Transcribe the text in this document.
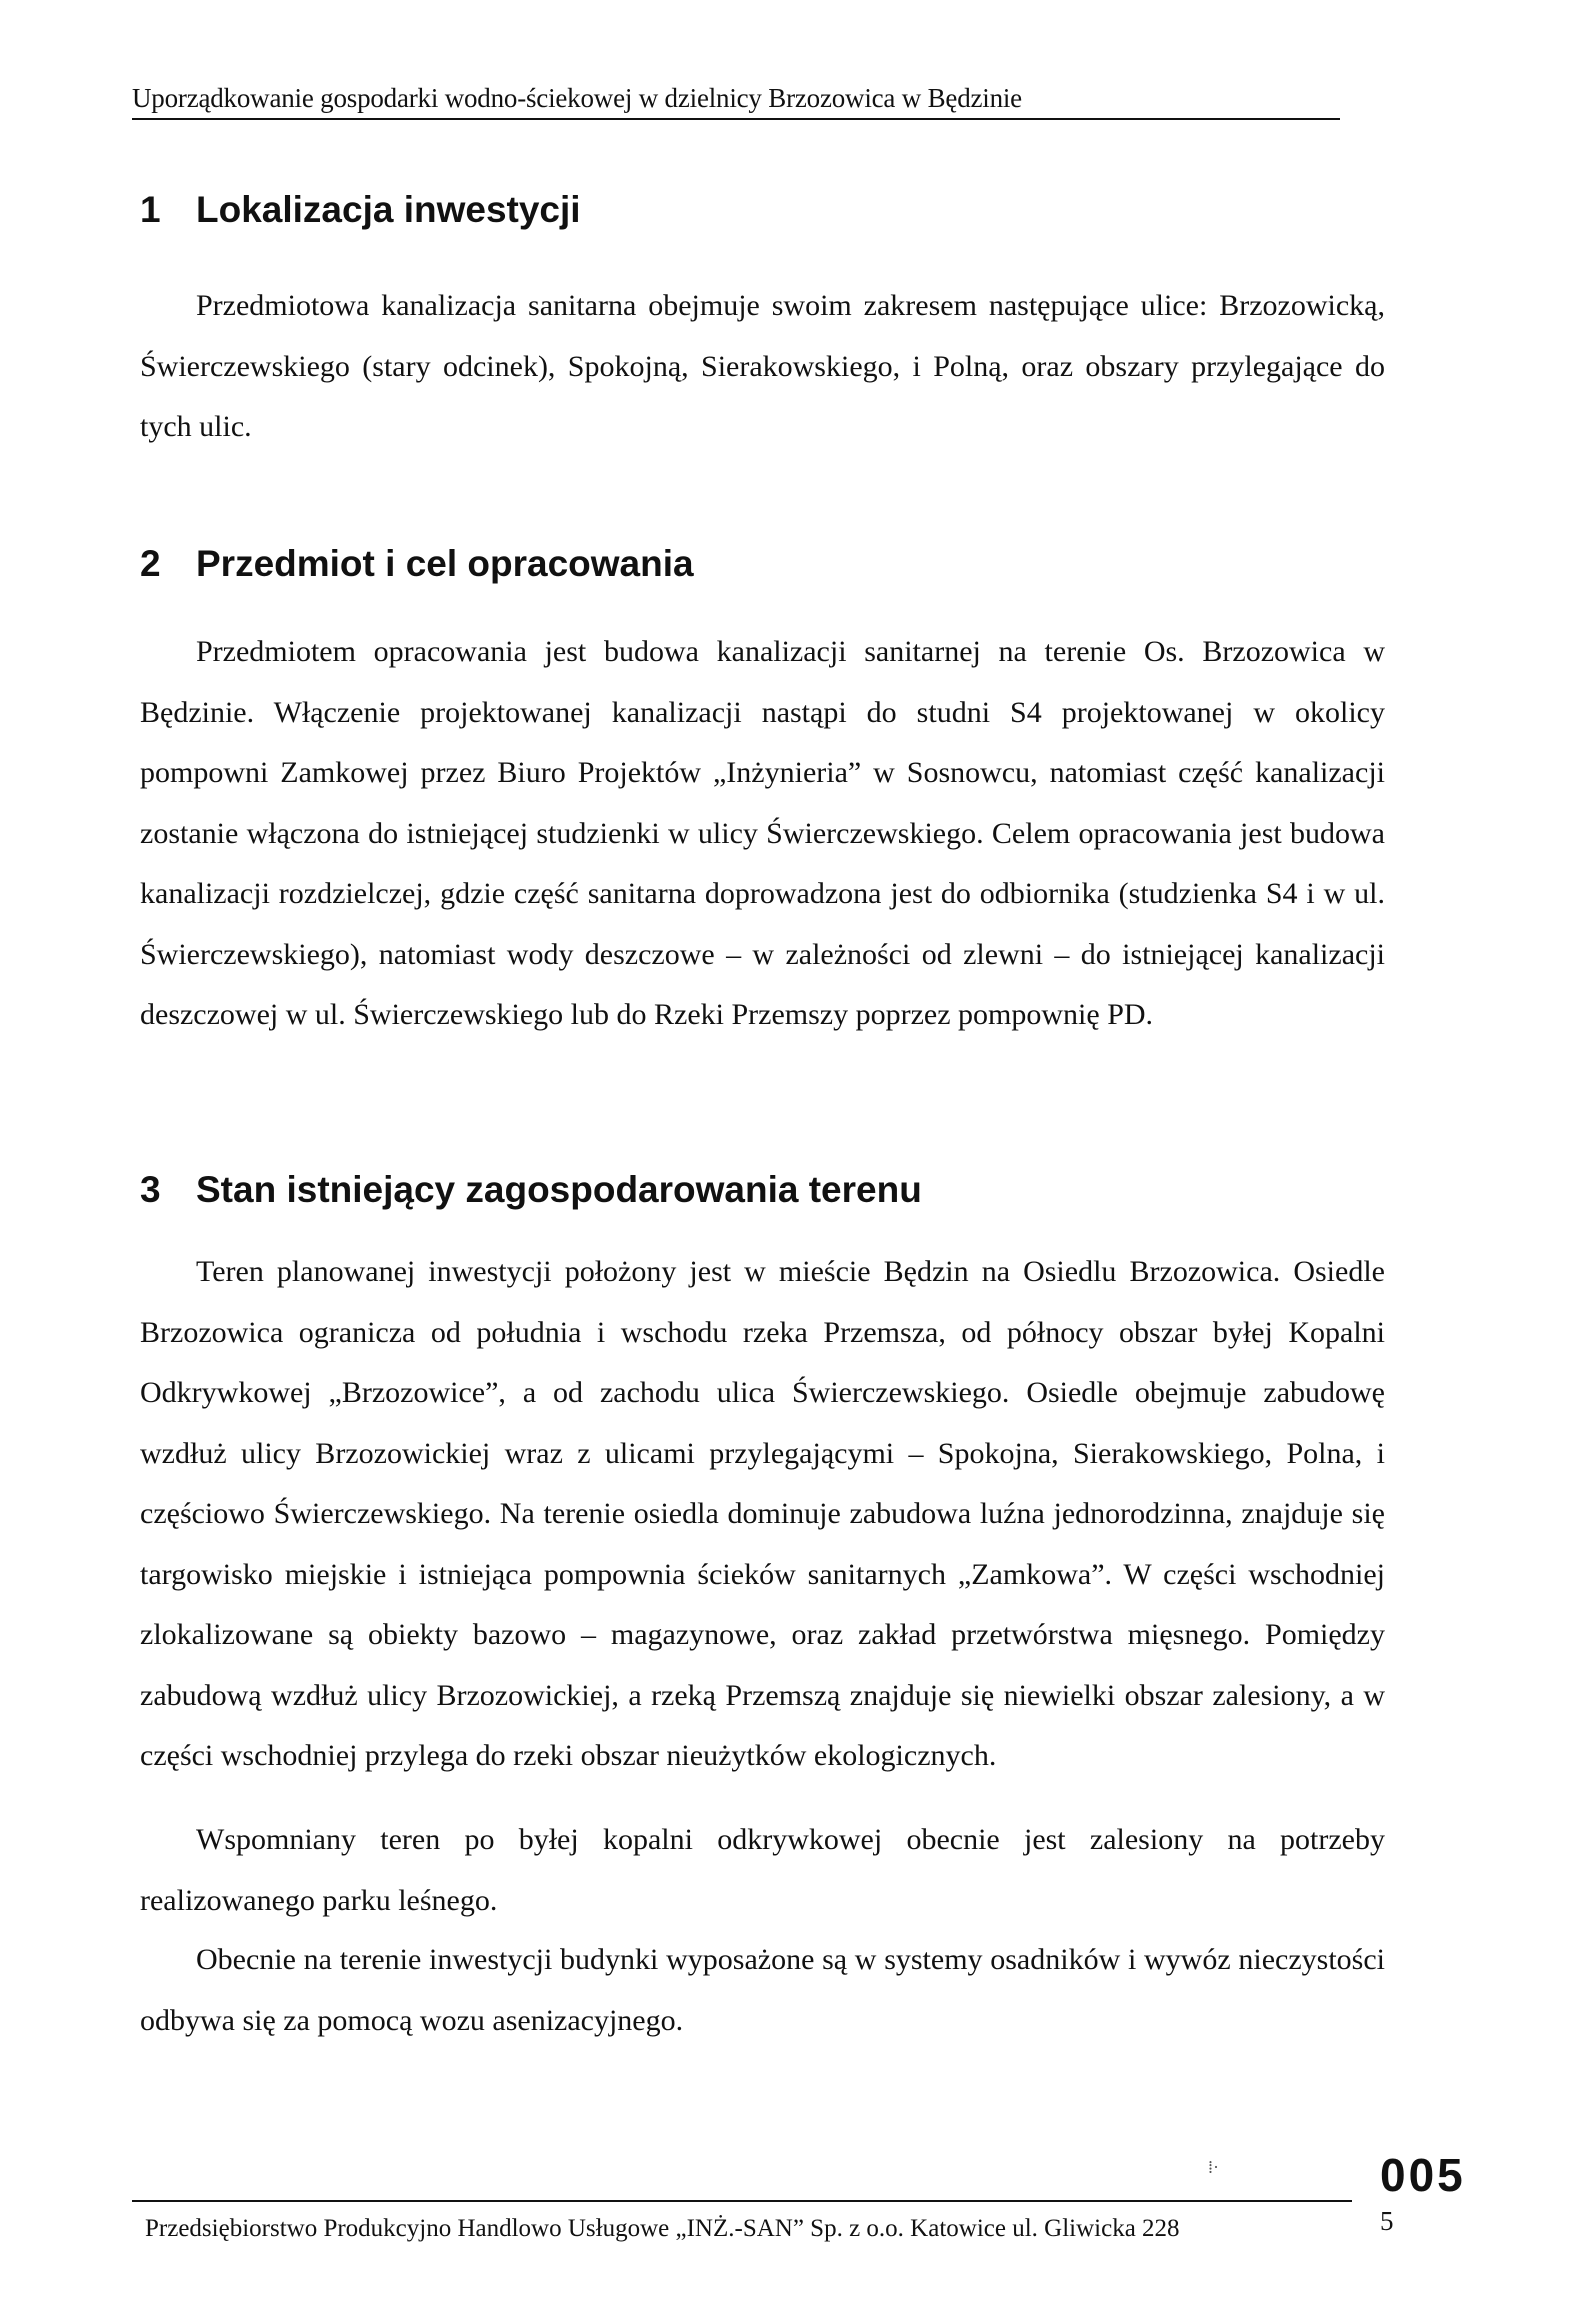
Uporządkowanie gospodarki wodno-ściekowej w dzielnicy Brzozowica w Będzinie
1 Lokalizacja inwestycji

Przedmiotowa kanalizacja sanitarna obejmuje swoim zakresem następujące ulice: Brzozowicką, Świerczewskiego (stary odcinek), Spokojną, Sierakowskiego, i Polną, oraz obszary przylegające do tych ulic.

2 Przedmiot i cel opracowania

Przedmiotem opracowania jest budowa kanalizacji sanitarnej na terenie Os. Brzozowica w Będzinie. Włączenie projektowanej kanalizacji nastąpi do studni S4 projektowanej w okolicy pompowni Zamkowej przez Biuro Projektów „Inżynieria” w Sosnowcu, natomiast część kanalizacji zostanie włączona do istniejącej studzienki w ulicy Świerczewskiego. Celem opracowania jest budowa kanalizacji rozdzielczej, gdzie część sanitarna doprowadzona jest do odbiornika (studzienka S4 i w ul. Świerczewskiego), natomiast wody deszczowe – w zależności od zlewni – do istniejącej kanalizacji deszczowej w ul. Świerczewskiego lub do Rzeki Przemszy poprzez pompownię PD.

3 Stan istniejący zagospodarowania terenu

Teren planowanej inwestycji położony jest w mieście Będzin na Osiedlu Brzozowica. Osiedle Brzozowica ogranicza od południa i wschodu rzeka Przemsza, od północy obszar byłej Kopalni Odkrywkowej „Brzozowice”, a od zachodu ulica Świerczewskiego. Osiedle obejmuje zabudowę wzdłuż ulicy Brzozowickiej wraz z ulicami przylegającymi – Spokojna, Sierakowskiego, Polna, i częściowo Świerczewskiego. Na terenie osiedla dominuje zabudowa luźna jednorodzinna, znajduje się targowisko miejskie i istniejąca pompownia ścieków sanitarnych „Zamkowa”. W części wschodniej zlokalizowane są obiekty bazowo – magazynowe, oraz zakład przetwórstwa mięsnego. Pomiędzy zabudową wzdłuż ulicy Brzozowickiej, a rzeką Przemszą znajduje się niewielki obszar zalesiony, a w części wschodniej przylega do rzeki obszar nieużytków ekologicznych.

Wspomniany teren po byłej kopalni odkrywkowej obecnie jest zalesiony na potrzeby realizowanego parku leśnego.

Obecnie na terenie inwestycji budynki wyposażone są w systemy osadników i wywóz nieczystości odbywa się za pomocą wozu asenizacyjnego.

⁞·	005
Przedsiębiorstwo Produkcyjno Handlowo Usługowe „INŻ.-SAN” Sp. z o.o. Katowice ul. Gliwicka 228	5
